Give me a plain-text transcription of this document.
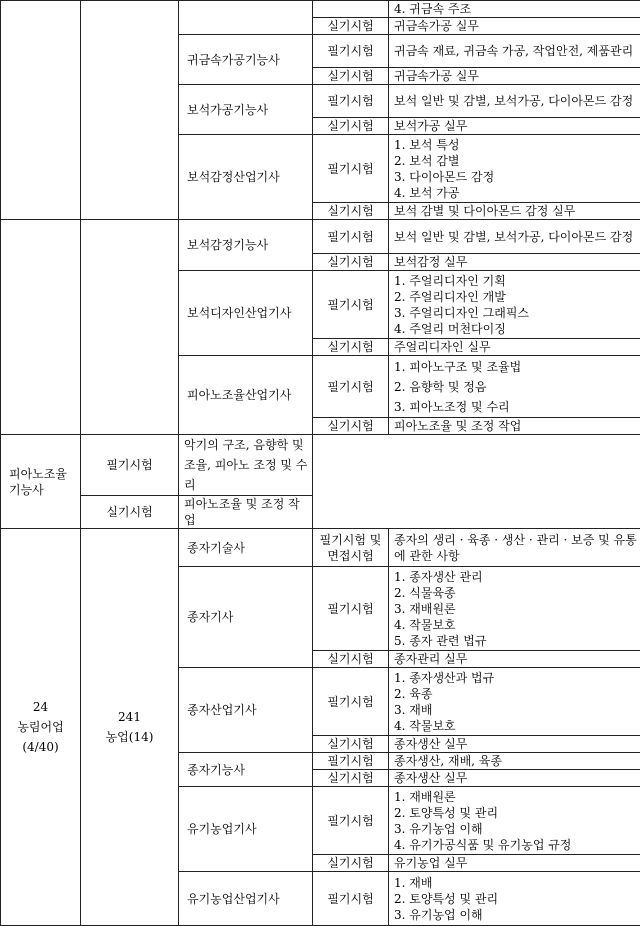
				4. 귀금속 주조

			실기시험	귀금속가공 실무

		귀금속가공기능사	필기시험	귀금속 재료, 귀금속 가공, 작업안전, 제품관리

			실기시험	귀금속가공 실무

		보석가공기능사	필기시험	보석 일반 및 감별, 보석가공, 다이아몬드 감정

			실기시험	보석가공 실무

		보석감정산업기사	필기시험	1. 보석 특성
2. 보석 감별
3. 다이아몬드 감정
4. 보석 가공

			실기시험	보석 감별 및 다이아몬드 감정 실무

		보석감정기능사	필기시험	보석 일반 및 감별, 보석가공, 다이아몬드 감정

			실기시험	보석감정 실무

		보석디자인산업기사	필기시험	1. 주얼리디자인 기획
2. 주얼리디자인 개발
3. 주얼리디자인 그래픽스
4. 주얼리 머천다이징

			실기시험	주얼리디자인 실무

		피아노조율산업기사	필기시험	1. 피아노구조 및 조율법
2. 음향학 및 정음
3. 피아노조정 및 수리

			실기시험	피아노조율 및 조정 작업

피아노조율기능사	필기시험	악기의 구조, 음향학 및 조율, 피아노 조정 및 수리		

	실기시험	피아노조율 및 조정 작업		

24
농림어업
(4/40)	241
농업(14)	종자기술사	필기시험 및 면접시험	종자의 생리 · 육종 · 생산 · 관리 · 보증 및 유통에 관한 사항

		종자기사	필기시험	1. 종자생산 관리
2. 식물육종
3. 재배원론
4. 작물보호
5. 종자 관련 법규

			실기시험	종자관리 실무

		종자산업기사	필기시험	1. 종자생산과 법규
2. 육종
3. 재배
4. 작물보호

			실기시험	종자생산 실무

		종자기능사	필기시험	종자생산, 재배, 육종

			실기시험	종자생산 실무

		유기농업기사	필기시험	1. 재배원론
2. 토양특성 및 관리
3. 유기농업 이해
4. 유기가공식품 및 유기농업 규정

			실기시험	유기농업 실무

		유기농업산업기사	필기시험	1. 재배
2. 토양특성 및 관리
3. 유기농업 이해
